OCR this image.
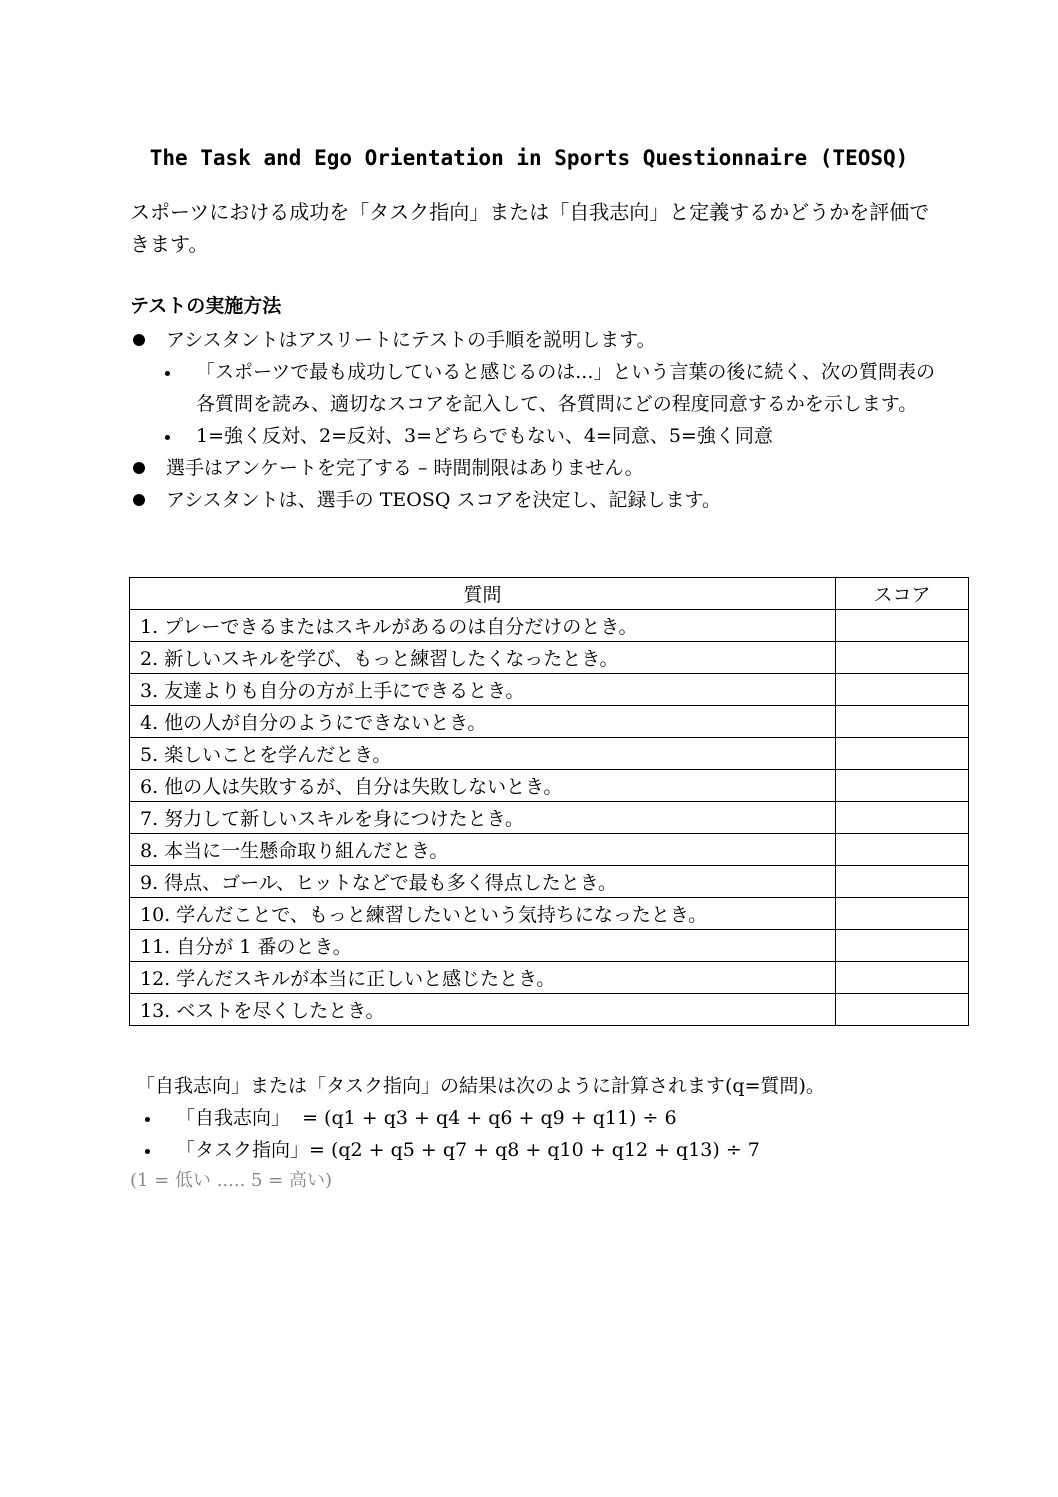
The Task and Ego Orientation in Sports Questionnaire (TEOSQ)
スポーツにおける成功を「タスク指向」または「自我志向」と定義するかどうかを評価できます。
テストの実施方法
アシスタントはアスリートにテストの手順を説明します。
「スポーツで最も成功していると感じるのは...」という言葉の後に続く、次の質問表の各質問を読み、適切なスコアを記入して、各質問にどの程度同意するかを示します。
1=強く反対、2=反対、3=どちらでもない、4=同意、5=強く同意
選手はアンケートを完了する – 時間制限はありません。
アシスタントは、選手の TEOSQ スコアを決定し、記録します。
質問	スコア
1. プレーできるまたはスキルがあるのは自分だけのとき。	
2. 新しいスキルを学び、もっと練習したくなったとき。	
3. 友達よりも自分の方が上手にできるとき。	
4. 他の人が自分のようにできないとき。	
5. 楽しいことを学んだとき。	
6. 他の人は失敗するが、自分は失敗しないとき。	
7. 努力して新しいスキルを身につけたとき。	
8. 本当に一生懸命取り組んだとき。	
9. 得点、ゴール、ヒットなどで最も多く得点したとき。	
10. 学んだことで、もっと練習したいという気持ちになったとき。	
11. 自分が 1 番のとき。	
12. 学んだスキルが本当に正しいと感じたとき。	
13. ベストを尽くしたとき。	
「自我志向」または「タスク指向」の結果は次のように計算されます(q=質問)。
「自我志向」  = (q1 + q3 + q4 + q6 + q9 + q11) ÷ 6
「タスク指向」= (q2 + q5 + q7 + q8 + q10 + q12 + q13) ÷ 7
(1 = 低い ..... 5 = 高い)
